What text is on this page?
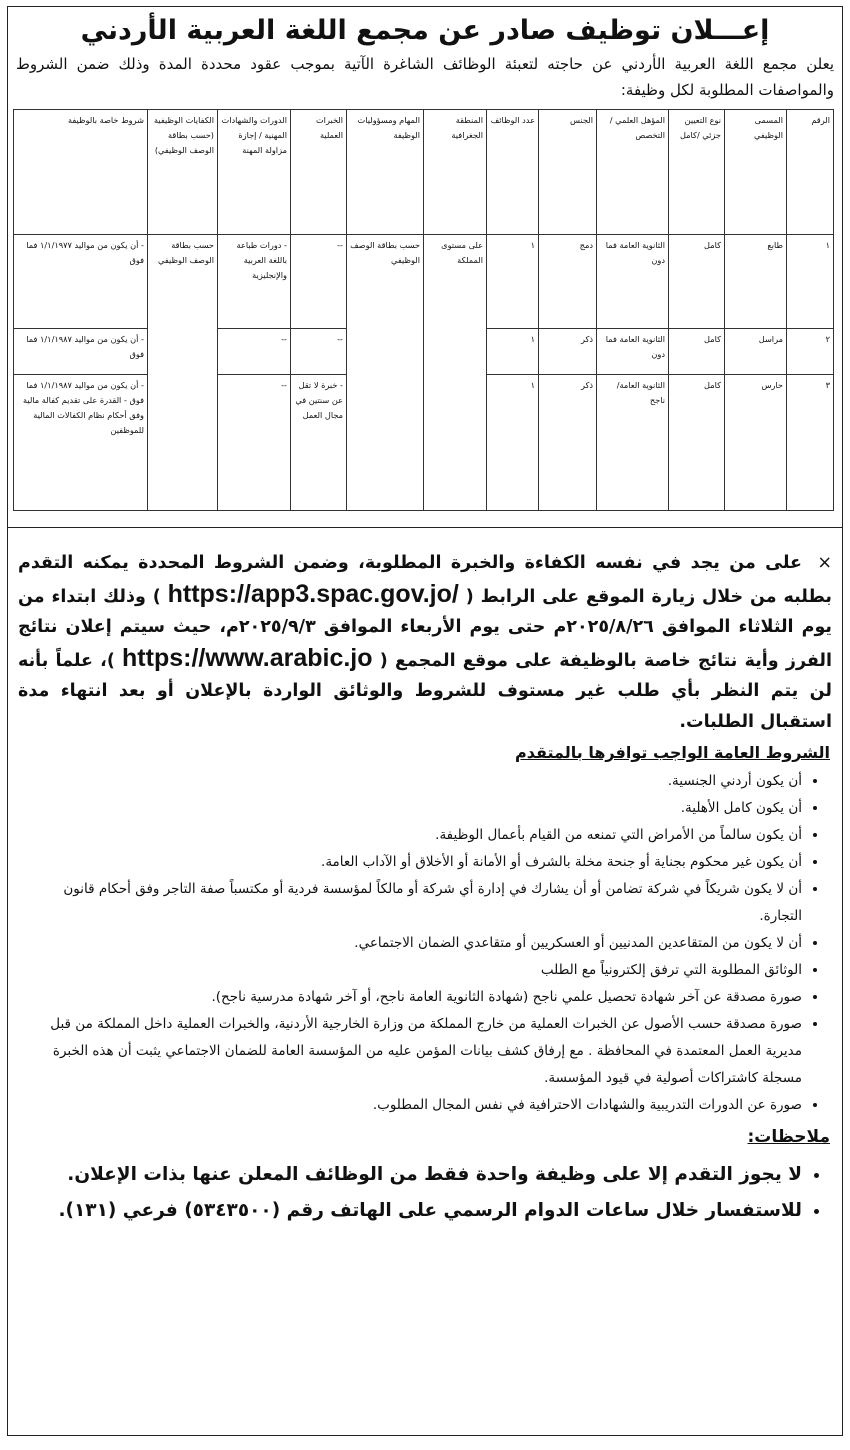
إعـــلان توظيف صادر عن مجمع اللغة العربية الأردني
يعلن مجمع اللغة العربية الأردني عن حاجته لتعبئة الوظائف الشاغرة الآتية بموجب عقود محددة المدة وذلك ضمن الشروط والمواصفات المطلوبة لكل وظيفة:
الرقم	المسمى الوظيفي	نوع التعيين جزئي /كامل	المؤهل العلمي / التخصص	الجنس	عدد الوظائف	المنطقة الجغرافية	المهام ومسؤوليات الوظيفة	الخبرات العملية	الدورات والشهادات المهنية / إجازة مزاولة المهنة	الكفايات الوظيفية (حسب بطاقة الوصف الوظيفي)	شروط خاصة بالوظيفة
١	طابع	كامل	الثانوية العامة فما دون	دمج	١	على مستوى المملكة	حسب بطاقة الوصف الوظيفي	--	- دورات طباعة باللغة العربية والإنجليزية	حسب بطاقة الوصف الوظيفي	- أن يكون من مواليد ١/١/١٩٧٧ فما فوق
٢	مراسل	كامل	الثانوية العامة فما دون	ذكر	١			--	--		- أن يكون من مواليد ١/١/١٩٨٧ فما فوق
٣	حارس	كامل	الثانوية العامة/ ناجح	ذكر	١			- خبرة لا تقل عن سنتين في مجال العمل	--		- أن يكون من مواليد ١/١/١٩٨٧ فما فوق - القدرة على تقديم كفالة مالية وفق أحكام نظام الكفالات المالية للموظفين
× على من يجد في نفسه الكفاءة والخبرة المطلوبة، وضمن الشروط المحددة يمكنه التقدم بطلبه من خلال زيارة الموقع على الرابط ( https://app3.spac.gov.jo/ ) وذلك ابتداء من يوم الثلاثاء الموافق ٢٠٢٥/٨/٢٦م حتى يوم الأربعاء الموافق ٢٠٢٥/٩/٣م، حيث سيتم إعلان نتائج الفرز وأية نتائج خاصة بالوظيفة على موقع المجمع ( https://www.arabic.jo )، علماً بأنه لن يتم النظر بأي طلب غير مستوف للشروط والوثائق الواردة بالإعلان أو بعد انتهاء مدة استقبال الطلبات.
الشروط العامة الواجب توافرها بالمتقدم
• أن يكون أردني الجنسية.
• أن يكون كامل الأهلية.
• أن يكون سالماً من الأمراض التي تمنعه من القيام بأعمال الوظيفة.
• أن يكون غير محكوم بجناية أو جنحة مخلة بالشرف أو الأمانة أو الأخلاق أو الآداب العامة.
• أن لا يكون شريكاً في شركة تضامن أو أن يشارك في إدارة أي شركة أو مالكاً لمؤسسة فردية أو مكتسباً صفة التاجر وفق أحكام قانون التجارة.
• أن لا يكون من المتقاعدين المدنيين أو العسكريين أو متقاعدي الضمان الاجتماعي.
• الوثائق المطلوبة التي ترفق إلكترونياً مع الطلب
• صورة مصدقة عن آخر شهادة تحصيل علمي ناجح (شهادة الثانوية العامة ناجح، أو آخر شهادة مدرسية ناجح).
• صورة مصدقة حسب الأصول عن الخبرات العملية من خارج المملكة من وزارة الخارجية الأردنية، والخبرات العملية داخل المملكة من قبل مديرية العمل المعتمدة في المحافظة . مع إرفاق كشف بيانات المؤمن عليه من المؤسسة العامة للضمان الاجتماعي يثبت أن هذه الخبرة مسجلة كاشتراكات أصولية في قيود المؤسسة.
• صورة عن الدورات التدريبية والشهادات الاحترافية في نفس المجال المطلوب.
ملاحظات:
• لا يجوز التقدم إلا على وظيفة واحدة فقط من الوظائف المعلن عنها بذات الإعلان.
• للاستفسار خلال ساعات الدوام الرسمي على الهاتف رقم (٥٣٤٣٥٠٠) فرعي (١٣١).
